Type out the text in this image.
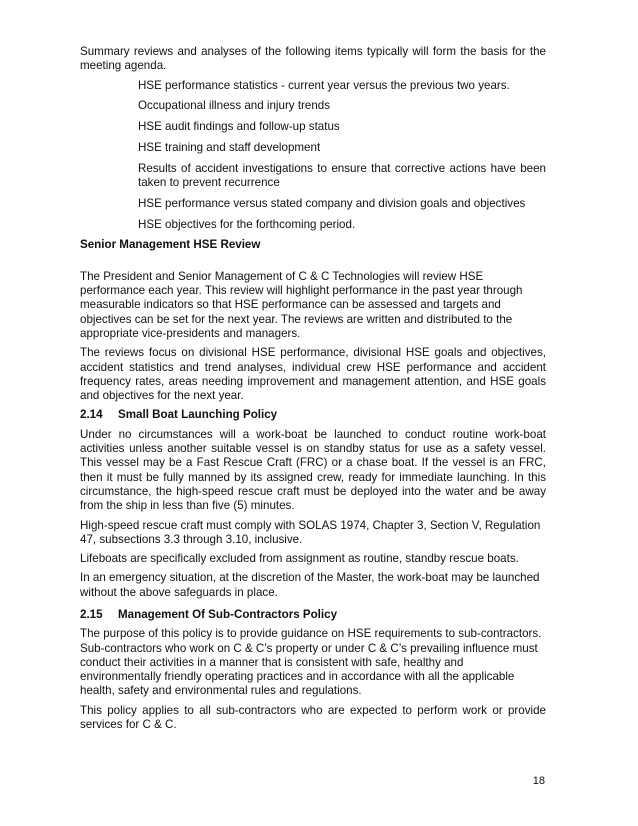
Summary reviews and analyses of the following items typically will form the basis for the meeting agenda.

HSE performance statistics - current year versus the previous two years.
Occupational illness and injury trends
HSE audit findings and follow-up status
HSE training and staff development
Results of accident investigations to ensure that corrective actions have been taken to prevent recurrence
HSE performance versus stated company and division goals and objectives
HSE objectives for the forthcoming period.
Senior Management HSE Review

The President and Senior Management of C & C Technologies will review HSE performance each year. This review will highlight performance in the past year through measurable indicators so that HSE performance can be assessed and targets and objectives can be set for the next year. The reviews are written and distributed to the appropriate vice-presidents and managers.

The reviews focus on divisional HSE performance, divisional HSE goals and objectives, accident statistics and trend analyses, individual crew HSE performance and accident frequency rates, areas needing improvement and management attention, and HSE goals and objectives for the next year.

2.14 Small Boat Launching Policy

Under no circumstances will a work-boat be launched to conduct routine work-boat activities unless another suitable vessel is on standby status for use as a safety vessel. This vessel may be a Fast Rescue Craft (FRC) or a chase boat. If the vessel is an FRC, then it must be fully manned by its assigned crew, ready for immediate launching. In this circumstance, the high-speed rescue craft must be deployed into the water and be away from the ship in less than five (5) minutes.

High-speed rescue craft must comply with SOLAS 1974, Chapter 3, Section V, Regulation 47, subsections 3.3 through 3.10, inclusive.

Lifeboats are specifically excluded from assignment as routine, standby rescue boats.

In an emergency situation, at the discretion of the Master, the work-boat may be launched without the above safeguards in place.

2.15 Management Of Sub-Contractors Policy

The purpose of this policy is to provide guidance on HSE requirements to sub-contractors. Sub-contractors who work on C & C’s property or under C & C’s prevailing influence must conduct their activities in a manner that is consistent with safe, healthy and environmentally friendly operating practices and in accordance with all the applicable health, safety and environmental rules and regulations.

This policy applies to all sub-contractors who are expected to perform work or provide services for C & C.

18
